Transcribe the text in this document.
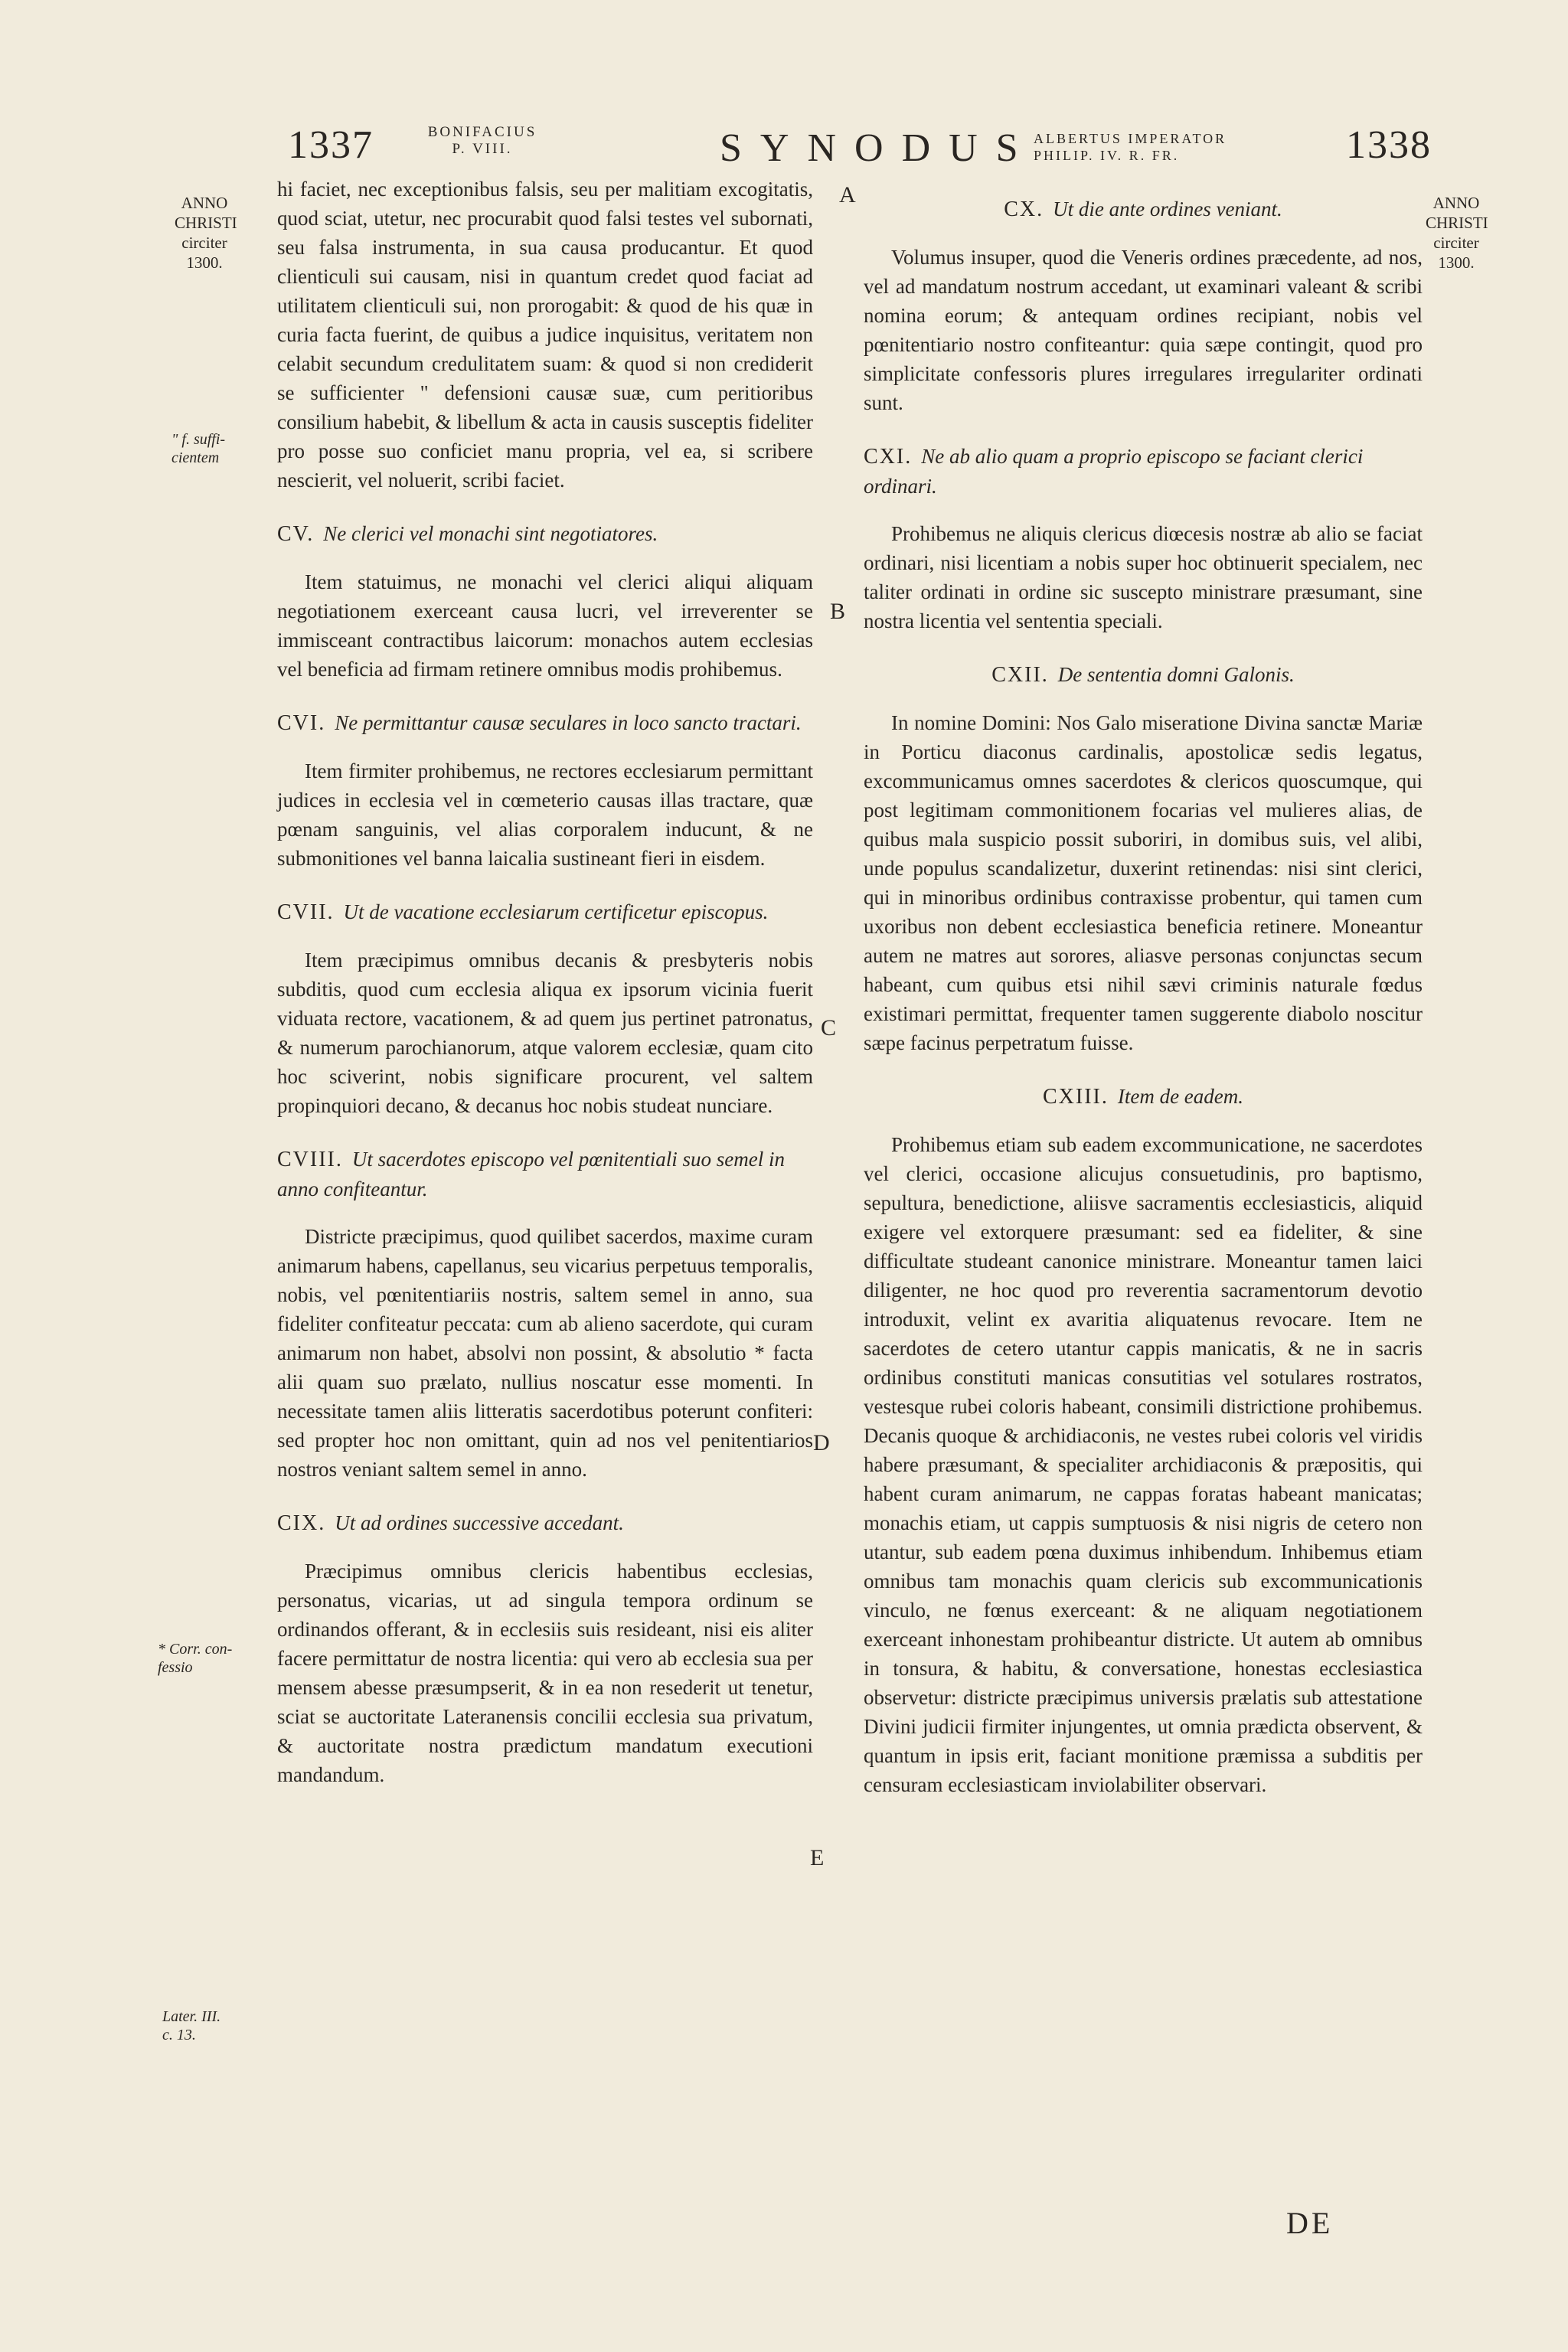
1337	BONIFACIUS
P. VIII.	SYNODUS
ALBERTUS IMPERATOR
PHILIP. IV. R. FR.	1338
ANNO
CHRISTI
circiter
1300.
ANNO
CHRISTI
circiter
1300.
" f. suffi-
cientem
* Corr. con-
fessio
Later. III.
c. 13.
A
B
C
D
E

hi faciet, nec exceptionibus falsis, seu per malitiam excogitatis, quod sciat, utetur, nec procurabit quod falsi testes vel subornati, seu falsa instrumenta, in sua causa producantur. Et quod clienticuli sui causam, nisi in quantum credet quod faciat ad utilitatem clienticuli sui, non prorogabit: & quod de his quæ in curia facta fuerint, de quibus a judice inquisitus, veritatem non celabit secundum credulitatem suam: & quod si non crediderit se sufficienter " defensioni causæ suæ, cum peritioribus consilium habebit, & libellum & acta in causis susceptis fideliter pro posse suo conficiet manu propria, vel ea, si scribere nescierit, vel noluerit, scribi faciet.

CV. Ne clerici vel monachi sint negotiatores.

Item statuimus, ne monachi vel clerici aliqui aliquam negotiationem exerceant causa lucri, vel irreverenter se immisceant contractibus laicorum: monachos autem ecclesias vel beneficia ad firmam retinere omnibus modis prohibemus.

CVI. Ne permittantur causæ seculares in loco sancto tractari.

Item firmiter prohibemus, ne rectores ecclesiarum permittant judices in ecclesia vel in cœmeterio causas illas tractare, quæ pœnam sanguinis, vel alias corporalem inducunt, & ne submonitiones vel banna laicalia sustineant fieri in eisdem.

CVII. Ut de vacatione ecclesiarum certificetur episcopus.

Item præcipimus omnibus decanis & presbyteris nobis subditis, quod cum ecclesia aliqua ex ipsorum vicinia fuerit viduata rectore, vacationem, & ad quem jus pertinet patronatus, & numerum parochianorum, atque valorem ecclesiæ, quam cito hoc sciverint, nobis significare procurent, vel saltem propinquiori decano, & decanus hoc nobis studeat nunciare.

CVIII. Ut sacerdotes episcopo vel pœnitentiali suo semel in anno confiteantur.

Districte præcipimus, quod quilibet sacerdos, maxime curam animarum habens, capellanus, seu vicarius perpetuus temporalis, nobis, vel pœnitentiariis nostris, saltem semel in anno, sua fideliter confiteatur peccata: cum ab alieno sacerdote, qui curam animarum non habet, absolvi non possint, & absolutio * facta alii quam suo prælato, nullius noscatur esse momenti. In necessitate tamen aliis litteratis sacerdotibus poterunt confiteri: sed propter hoc non omittant, quin ad nos vel penitentiarios nostros veniant saltem semel in anno.

CIX. Ut ad ordines successive accedant.

Præcipimus omnibus clericis habentibus ecclesias, personatus, vicarias, ut ad singula tempora ordinum se ordinandos offerant, & in ecclesiis suis resideant, nisi eis aliter facere permittatur de nostra licentia: qui vero ab ecclesia sua per mensem abesse præsumpserit, & in ea non resederit ut tenetur, sciat se auctoritate Lateranensis concilii ecclesia sua privatum, & auctoritate nostra prædictum mandatum executioni mandandum.

CX. Ut die ante ordines veniant.

Volumus insuper, quod die Veneris ordines præcedente, ad nos, vel ad mandatum nostrum accedant, ut examinari valeant & scribi nomina eorum; & antequam ordines recipiant, nobis vel pœnitentiario nostro confiteantur: quia sæpe contingit, quod pro simplicitate confessoris plures irregulares irregulariter ordinati sunt.

CXI. Ne ab alio quam a proprio episcopo se faciant clerici ordinari.

Prohibemus ne aliquis clericus diœcesis nostræ ab alio se faciat ordinari, nisi licentiam a nobis super hoc obtinuerit specialem, nec taliter ordinati in ordine sic suscepto ministrare præsumant, sine nostra licentia vel sententia speciali.

CXII. De sententia domni Galonis.

In nomine Domini: Nos Galo miseratione Divina sanctæ Mariæ in Porticu diaconus cardinalis, apostolicæ sedis legatus, excommunicamus omnes sacerdotes & clericos quoscumque, qui post legitimam commonitionem focarias vel mulieres alias, de quibus mala suspicio possit suboriri, in domibus suis, vel alibi, unde populus scandalizetur, duxerint retinendas: nisi sint clerici, qui in minoribus ordinibus contraxisse probentur, qui tamen cum uxoribus non debent ecclesiastica beneficia retinere. Moneantur autem ne matres aut sorores, aliasve personas conjunctas secum habeant, cum quibus etsi nihil sævi criminis naturale fœdus existimari permittat, frequenter tamen suggerente diabolo noscitur sæpe facinus perpetratum fuisse.

CXIII. Item de eadem.

Prohibemus etiam sub eadem excommunicatione, ne sacerdotes vel clerici, occasione alicujus consuetudinis, pro baptismo, sepultura, benedictione, aliisve sacramentis ecclesiasticis, aliquid exigere vel extorquere præsumant: sed ea fideliter, & sine difficultate studeant canonice ministrare. Moneantur tamen laici diligenter, ne hoc quod pro reverentia sacramentorum devotio introduxit, velint ex avaritia aliquatenus revocare. Item ne sacerdotes de cetero utantur cappis manicatis, & ne in sacris ordinibus constituti manicas consutitias vel sotulares rostratos, vestesque rubei coloris habeant, consimili districtione prohibemus. Decanis quoque & archidiaconis, ne vestes rubei coloris vel viridis habere præsumant, & specialiter archidiaconis & præpositis, qui habent curam animarum, ne cappas foratas habeant manicatas; monachis etiam, ut cappis sumptuosis & nisi nigris de cetero non utantur, sub eadem pœna duximus inhibendum. Inhibemus etiam omnibus tam monachis quam clericis sub excommunicationis vinculo, ne fœnus exerceant: & ne aliquam negotiationem exerceant inhonestam prohibeantur districte. Ut autem ab omnibus in tonsura, & habitu, & conversatione, honestas ecclesiastica observetur: districte præcipimus universis prælatis sub attestatione Divini judicii firmiter injungentes, ut omnia prædicta observent, & quantum in ipsis erit, faciant monitione præmissa a subditis per censuram ecclesiasticam inviolabiliter observari.

DE
